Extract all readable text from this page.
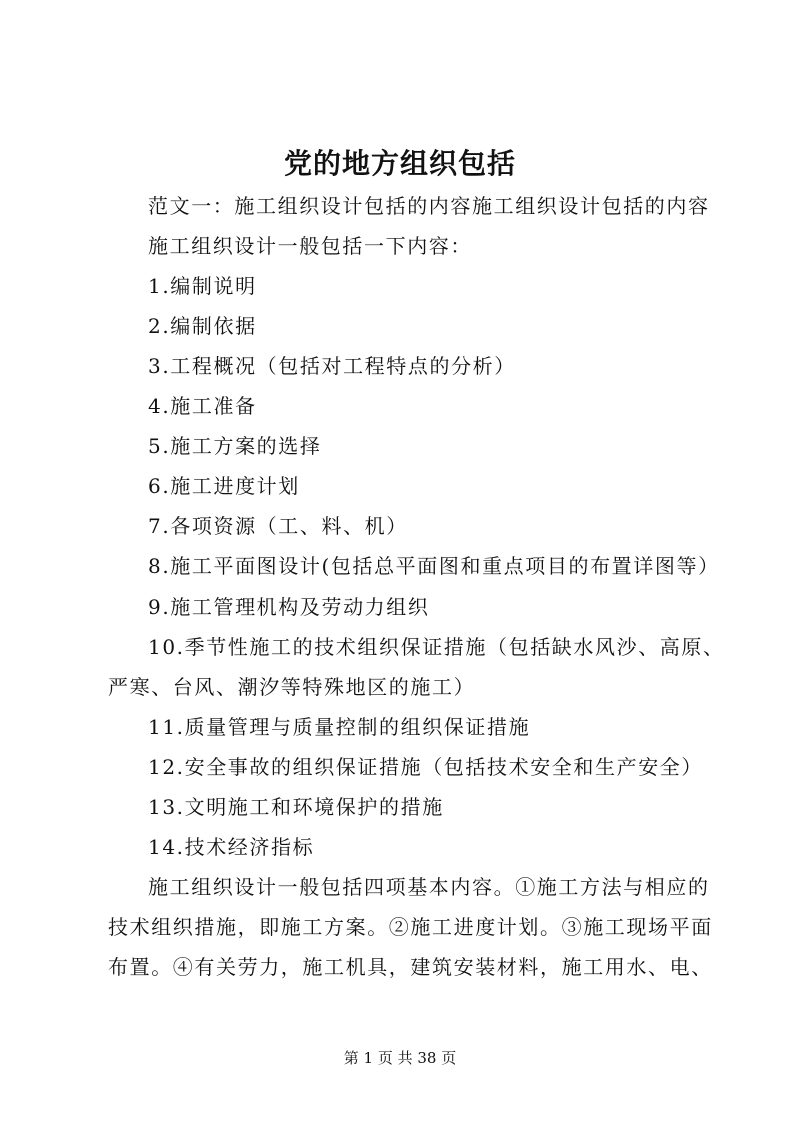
党的地方组织包括
范文一：施工组织设计包括的内容施工组织设计包括的内容
施工组织设计一般包括一下内容：
1.编制说明
2.编制依据
3.工程概况（包括对工程特点的分析）
4.施工准备
5.施工方案的选择
6.施工进度计划
7.各项资源（工、料、机）
8.施工平面图设计(包括总平面图和重点项目的布置详图等）
9.施工管理机构及劳动力组织
10.季节性施工的技术组织保证措施（包括缺水风沙、高原、
严寒、台风、潮汐等特殊地区的施工）
11.质量管理与质量控制的组织保证措施
12.安全事故的组织保证措施（包括技术安全和生产安全）
13.文明施工和环境保护的措施
14.技术经济指标
施工组织设计一般包括四项基本内容。①施工方法与相应的
技术组织措施，即施工方案。②施工进度计划。③施工现场平面
布置。④有关劳力，施工机具，建筑安装材料，施工用水、电、
第 1 页 共 38 页
